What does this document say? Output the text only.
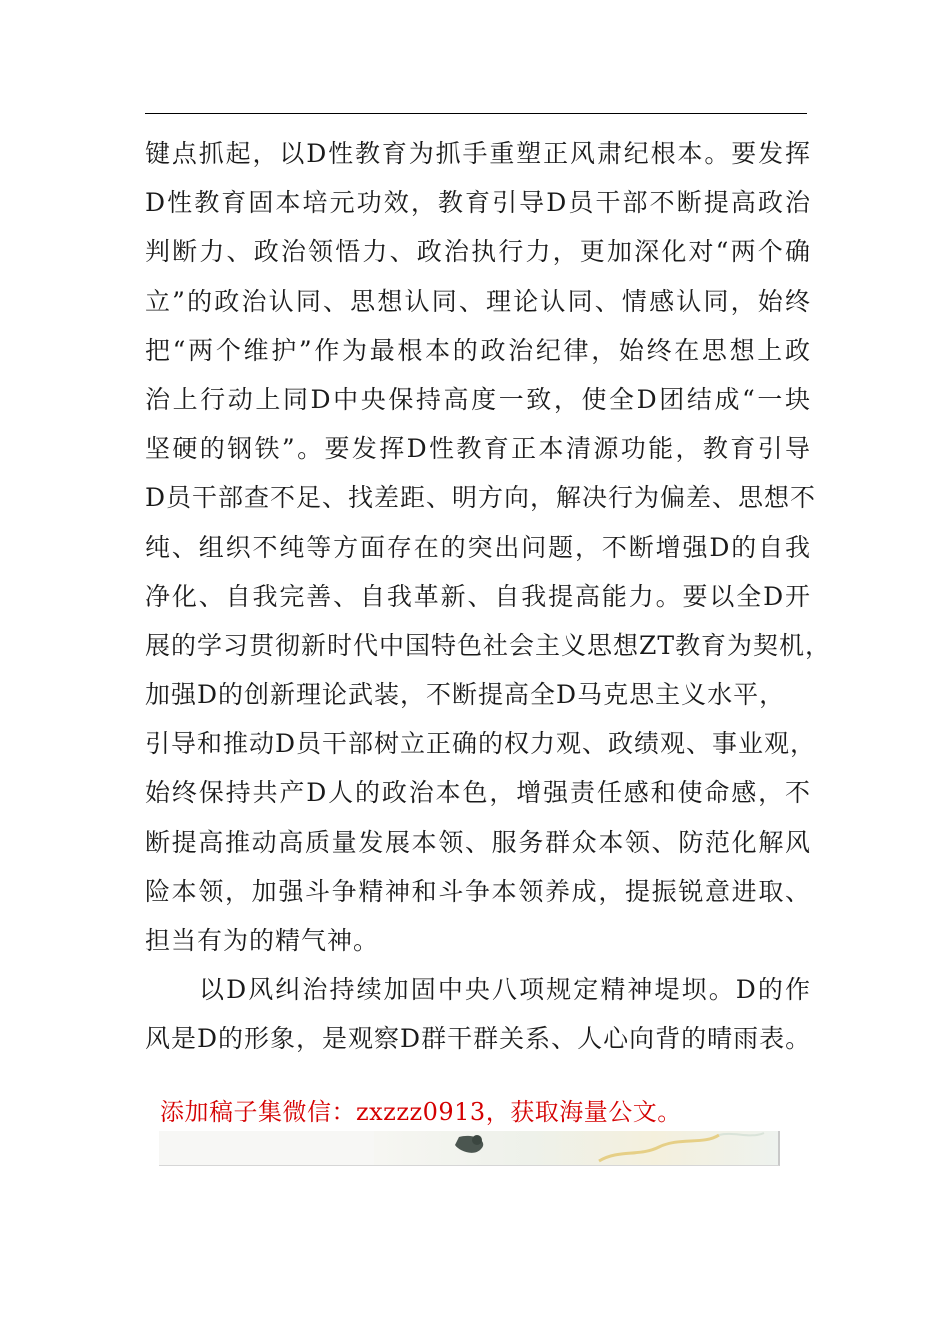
键点抓起，以D性教育为抓手重塑正风肃纪根本。要发挥
D性教育固本培元功效，教育引导D员干部不断提高政治
判断力、政治领悟力、政治执行力，更加深化对“两个确
立”的政治认同、思想认同、理论认同、情感认同，始终
把“两个维护”作为最根本的政治纪律，始终在思想上政
治上行动上同D中央保持高度一致，使全D团结成“一块
坚硬的钢铁”。要发挥D性教育正本清源功能，教育引导
D员干部查不足、找差距、明方向，解决行为偏差、思想不
纯、组织不纯等方面存在的突出问题，不断增强D的自我
净化、自我完善、自我革新、自我提高能力。要以全D开
展的学习贯彻新时代中国特色社会主义思想ZT教育为契机，
加强D的创新理论武装，不断提高全D马克思主义水平，
引导和推动D员干部树立正确的权力观、政绩观、事业观，
始终保持共产D人的政治本色，增强责任感和使命感，不
断提高推动高质量发展本领、服务群众本领、防范化解风
险本领，加强斗争精神和斗争本领养成，提振锐意进取、
担当有为的精气神。
以D风纠治持续加固中央八项规定精神堤坝。D的作
风是D的形象，是观察D群干群关系、人心向背的晴雨表。
添加稿子集微信：zxzzz0913，获取海量公文。
